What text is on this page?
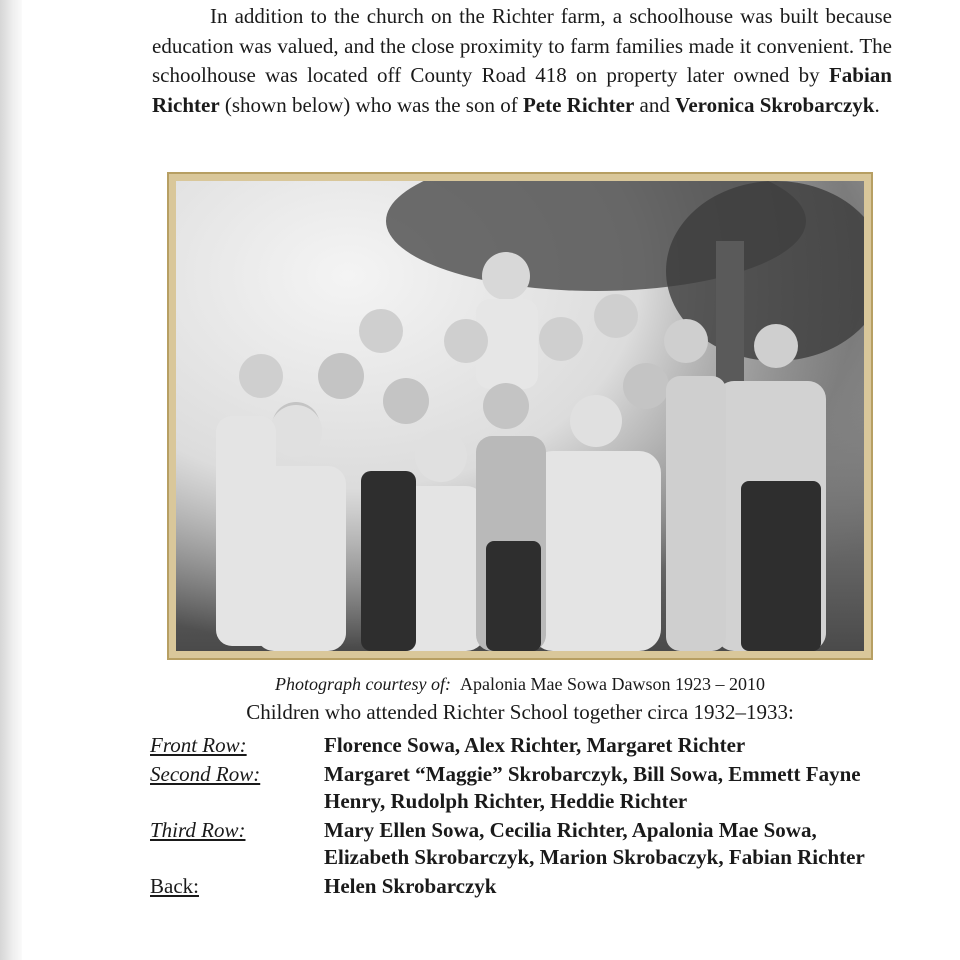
In addition to the church on the Richter farm, a schoolhouse was built because education was valued, and the close proximity to farm families made it convenient. The schoolhouse was located off County Road 418 on property later owned by Fabian Richter (shown below) who was the son of Pete Richter and Veronica Skrobarczyk.

Photograph courtesy of: Apalonia Mae Sowa Dawson 1923 – 2010
Children who attended Richter School together circa 1932–1933:
Front Row:	Florence Sowa, Alex Richter, Margaret Richter
Second Row:	Margaret “Maggie” Skrobarczyk, Bill Sowa, Emmett Fayne Henry, Rudolph Richter, Heddie Richter
Third Row:	Mary Ellen Sowa, Cecilia Richter, Apalonia Mae Sowa, Elizabeth Skrobarczyk, Marion Skrobaczyk, Fabian Richter
Back:	Helen Skrobarczyk
